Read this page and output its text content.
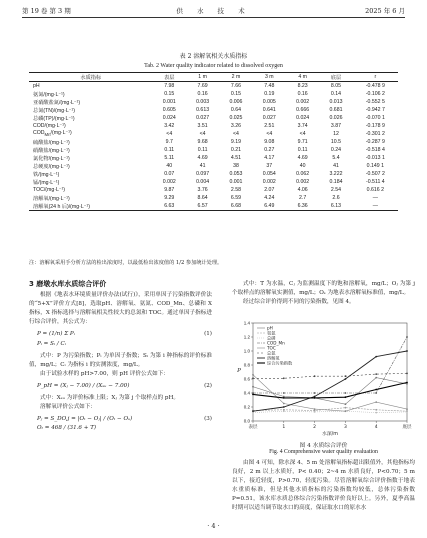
第 19 卷 第 3 期	供 水 技 术	2025 年 6 月
表 2 溶解氧相关水质指标
Tab. 2 Water quality indicator related to dissolved oxygen
水质指标	表层	1 m	2 m	3 m	4 m	底层	r
pH	7.98	7.69	7.66	7.48	8.23	8.05	-0.478 9
氨氮/(mg·L⁻¹)	0.15	0.16	0.15	0.19	0.16	0.14	-0.106 2
亚硝酸盐氮/(mg·L⁻¹)	0.001	0.003	0.006	0.005	0.002	0.013	-0.552 5
总氮(TN)/(mg·L⁻¹)	0.605	0.613	0.64	0.641	0.666	0.681	-0.942 7
总磷(TP)/(mg·L⁻¹)	0.024	0.027	0.025	0.027	0.024	0.026	-0.070 1
COD/(mg·L⁻¹)	3.42	3.51	3.26	2.51	3.74	3.87	-0.178 9
$COD_{Mn}/(mg\cdot L^{-1})$	<4	<4	<4	<4	<4	12	-0.301 2
硫酸盐/(mg·L⁻¹)	9.7	9.68	9.19	9.08	9.71	10.5	-0.287 9
硝酸盐/(mg·L⁻¹)	0.11	0.11	0.21	0.27	0.11	0.24	-0.518 4
氯化物/(mg·L⁻¹)	5.11	4.69	4.51	4.17	4.69	5.4	-0.013 1
总硬度/(mg·L⁻¹)	40	41	38	37	40	41	0.149 1
铁/(mg·L⁻¹)	0.07	0.097	0.053	0.054	0.062	3.222	-0.507 2
锰/(mg·L⁻¹)	0.002	0.004	0.001	0.002	0.002	0.184	-0.511 4
TOC/(mg·L⁻¹)	9.87	3.76	2.58	2.07	4.06	2.54	0.616 2
溶解氧/(mg·L⁻¹)	9.29	8.64	6.59	4.24	2.7	2.6	—
溶解氧(24 h 后)/(mg·L⁻¹)	6.63	6.57	6.68	6.49	6.36	6.13	—
注：溶解氧采用手分析方法的检出浓度时，以最低检出浓度值的 1/2 参加统计处理。
3 磨墩水库水质综合评价

根据《地表水环境质量评价办法(试行)》，采用单因子污染指数评价法的“5+X”评价方式[8]，选取pH、溶解氧、氨氮、COD_Mn、总磷和 X 指标，X 指标选择与溶解氧相关性较大的总氮和 TOC。通过单因子指标进行综合评价，其公式为：

P = (1/n) Σ Pᵢ
Pᵢ = Sᵢ / Cᵢ
(1)

式中：P 为污染指数；Pᵢ 为单因子指数；Sᵢ 为第 i 种指标的评价标准值，mg/L；Cᵢ 为指标 i 的实测浓度，mg/L。

由于试验水样的 pH>7.00，则 pH 评价公式如下：

P_pH = (Xⱼ − 7.00) / (Xₛᵤ − 7.00)	(2)

式中：Xₛᵤ 为评价标准上限；Xⱼ 为第 j 个取样点的 pH。

溶解氧评价公式如下：

Pⱼ = S_DO,j = |Oₜ − Oⱼ| / (Oₜ − Oₛ)
Oₜ = 468 / (31.6 + T)
(3)

式中：T 为水温，Cⱼ 为监测温度下的饱和溶解氧，mg/L；Oⱼ 为第 j 个取样点的溶解氧实测值，mg/L；Oₛ 为地表水溶解氧标准值，mg/L。

经过综合评价得到不同的污染指数，见图 4。

0.0
0.2
0.4
0.6
0.8
1.0
1.2
1.4
表层	1	2	3	4	底层
水深/m
P
pH
氨氮
总磷
COD_Mn
TOC
总氮
溶解氧
综合污染指数
图 4 水质综合评价
Fig. 4 Comprehensive water quality evaluation

由图 4 可知，除水深 4、5 m 处溶解氧指标超出限值外，其他指标均良好，2 m 以上水质好，P< 0.40；2~4 m 水质良好，P<0.70；5 m 以下，接近轻度，P>0.70，轻度污染。尽管溶解氧综合评价指数于地表水重质标准，但是其他水质指标的污染指数均较低，总体污染指数 P=0.51，该水库水质总体综合污染指数评价良好以上。另外，夏季高温时期可以适当调节取水口的高度，保证取水口的原水水

· 4 ·
